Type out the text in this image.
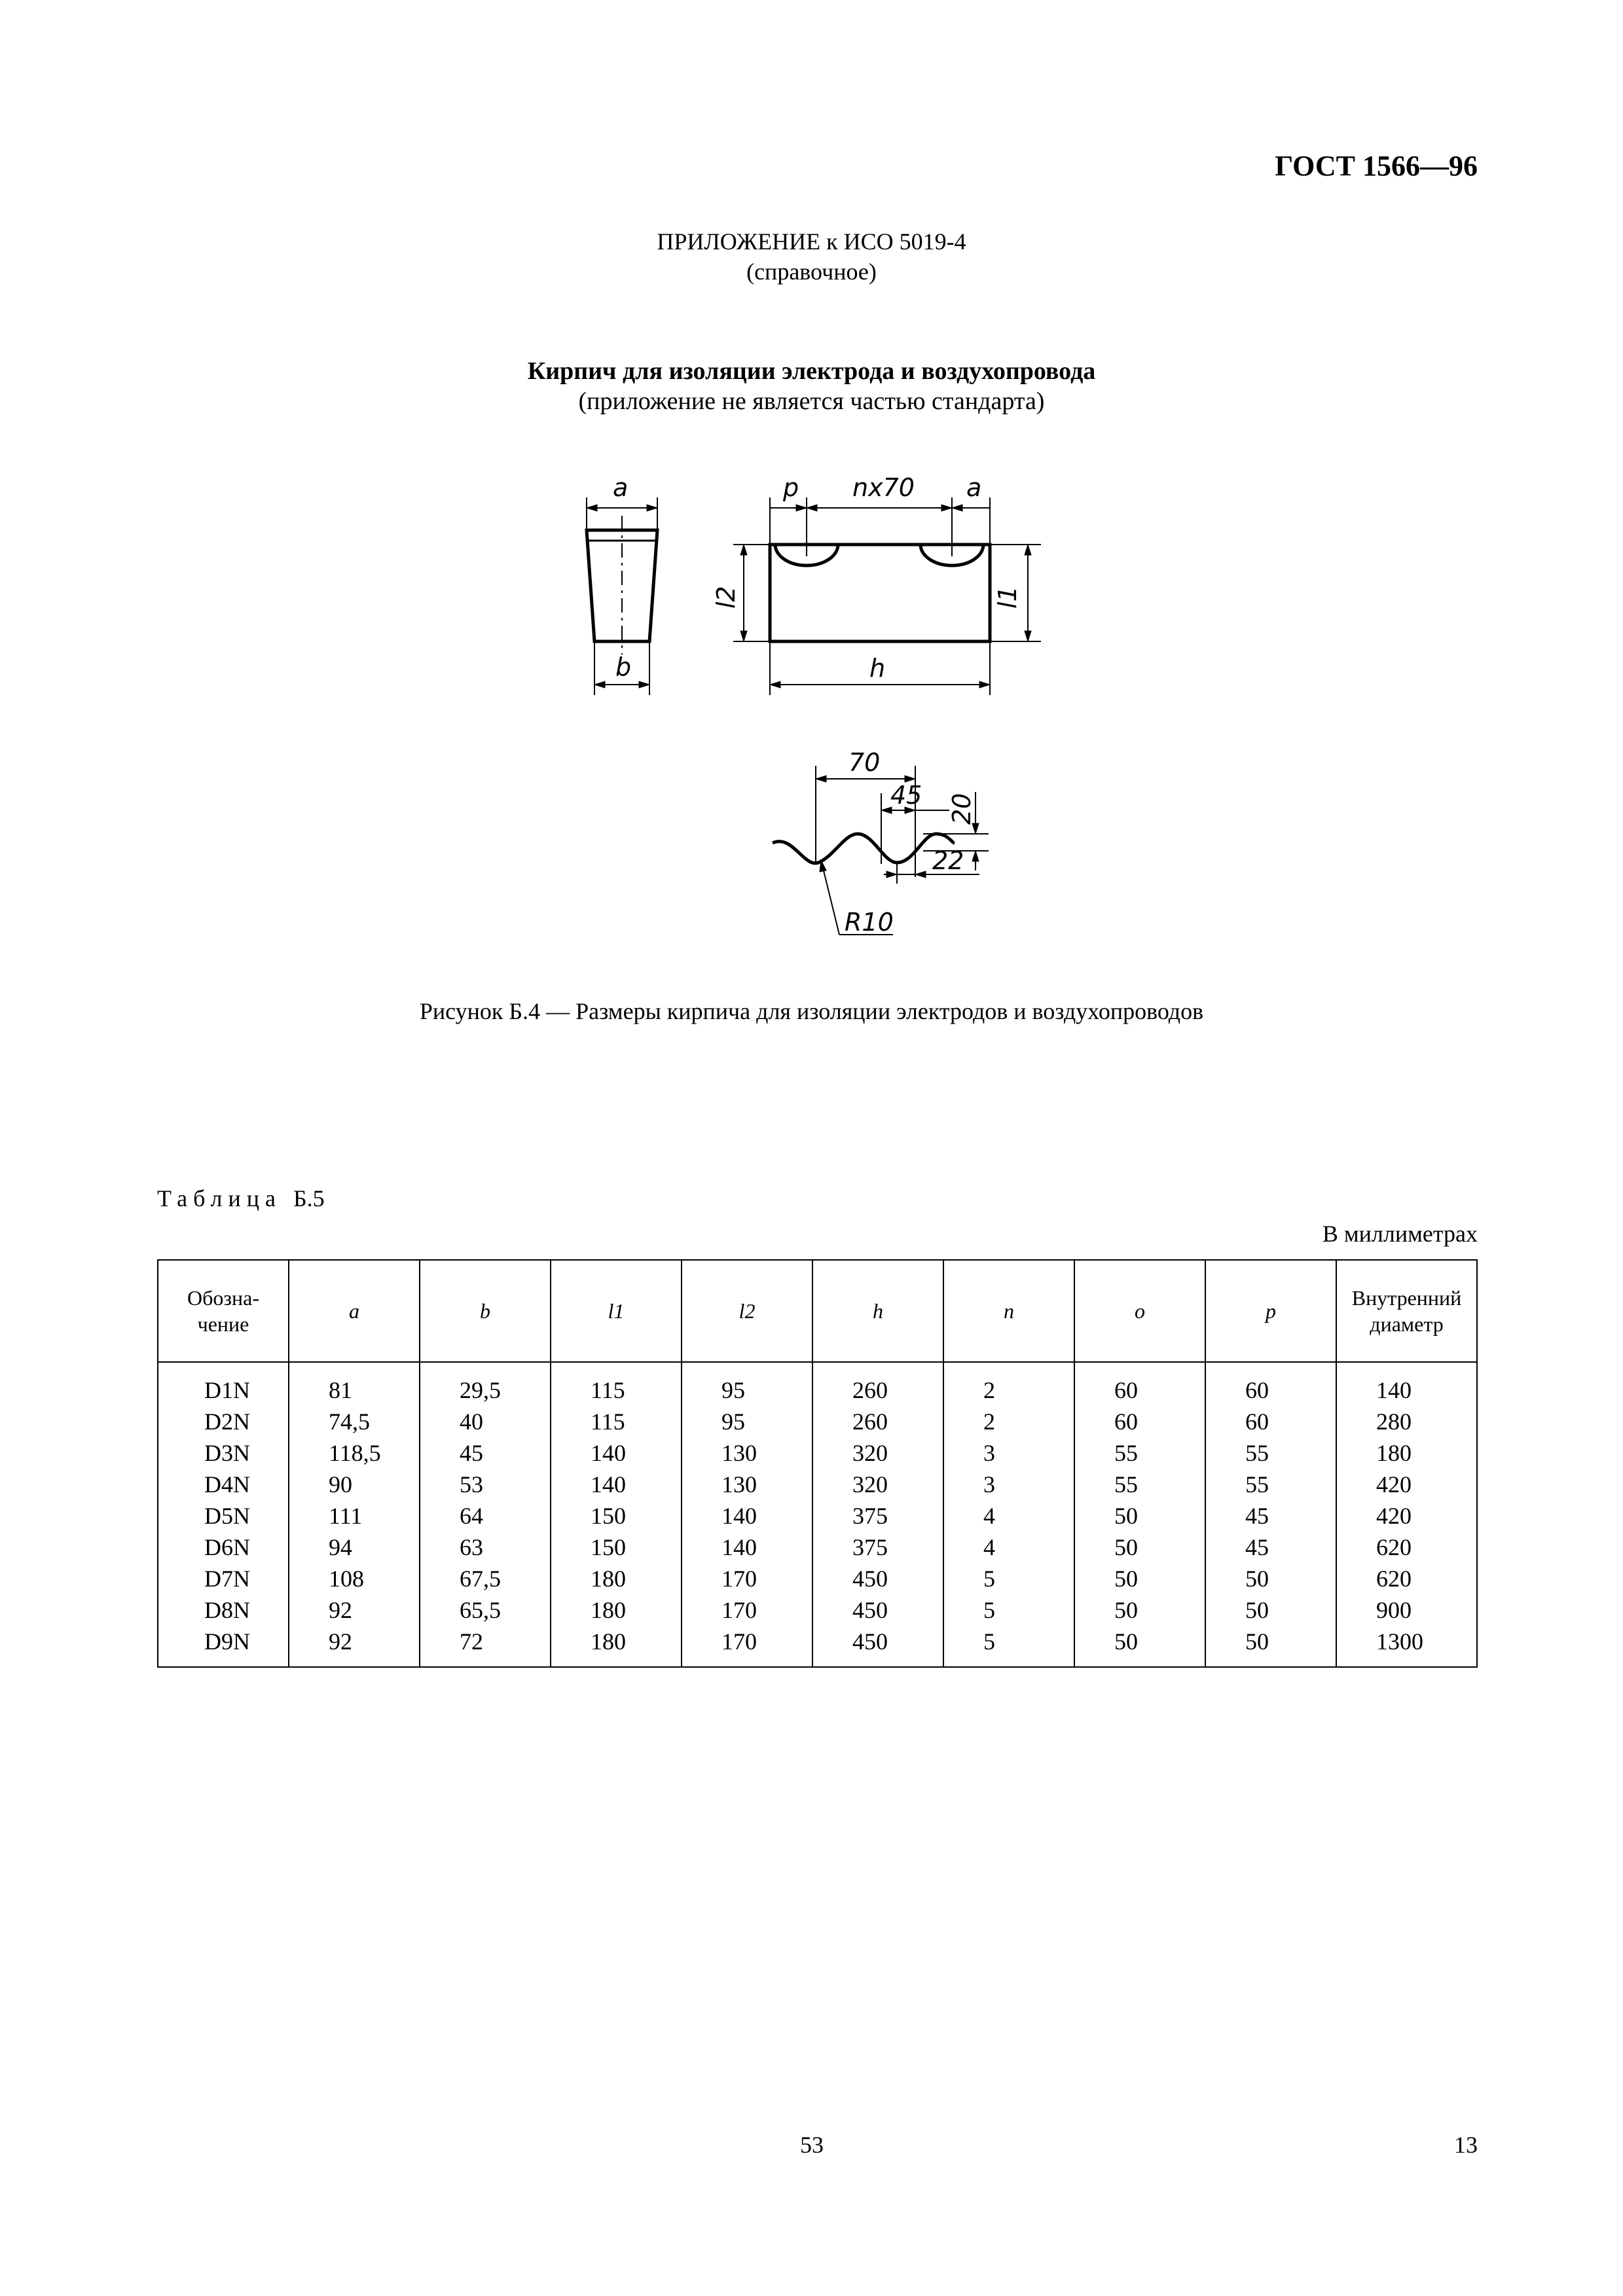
ГОСТ 1566—96
ПРИЛОЖЕНИЕ к ИСО 5019-4
(справочное)
Кирпич для изоляции электрода и воздухопровода
(приложение не является частью стандарта)
a
b
p nx70 a
l2	l1
h
70
45 20
22
R10
Рисунок Б.4 — Размеры кирпича для изоляции электродов и воздухопроводов
Таблица Б.5
В миллиметрах
Обозна-
чение	a	b	l1	l2	h	n	o	p	Внутренний
диаметр
D1N	81	29,5	115	95	260	2	60	60	140
D2N	74,5	40	115	95	260	2	60	60	280
D3N	118,5	45	140	130	320	3	55	55	180
D4N	90	53	140	130	320	3	55	55	420
D5N	111	64	150	140	375	4	50	45	420
D6N	94	63	150	140	375	4	50	45	620
D7N	108	67,5	180	170	450	5	50	50	620
D8N	92	65,5	180	170	450	5	50	50	900
D9N	92	72	180	170	450	5	50	50	1300
53	13
